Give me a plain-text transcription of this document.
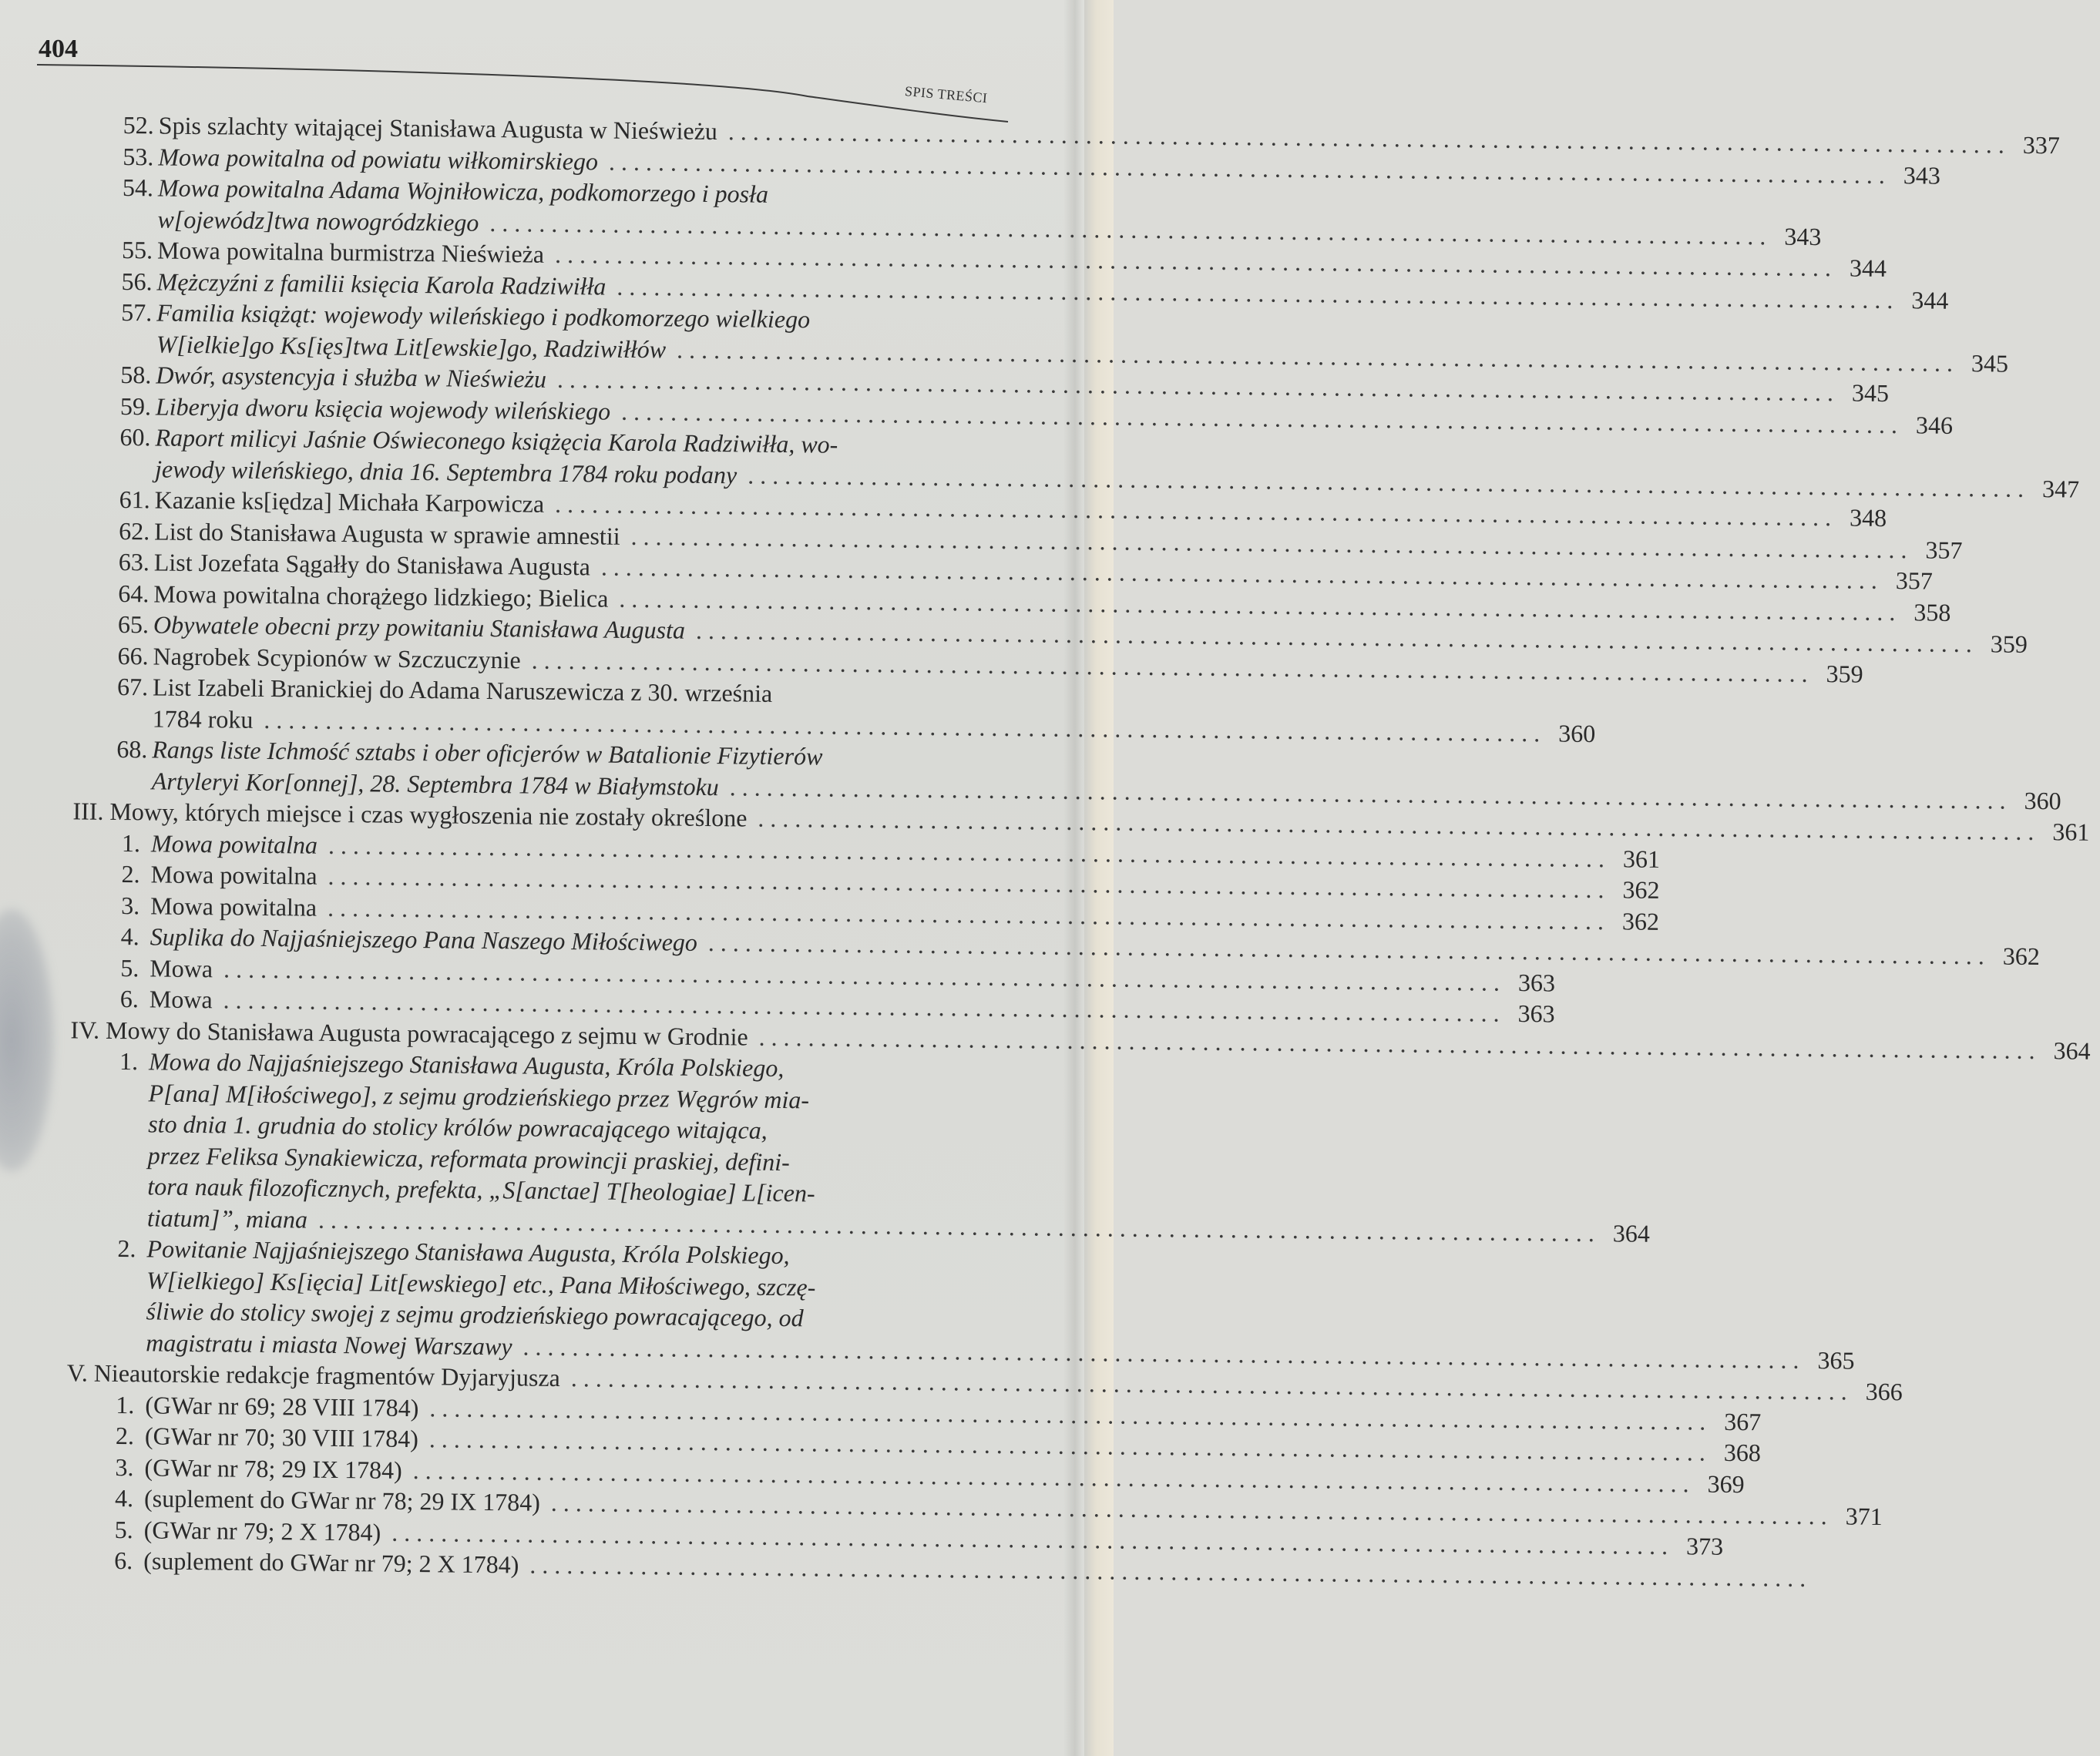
404
SPIS TREŚCI
52. Spis szlachty witającej Stanisława Augusta w Nieświeżu . . .	337
53. Mowa powitalna od powiatu wiłkomirskiego . . .	343
54. Mowa powitalna Adama Wojniłowicza, podkomorzego i posła
w[ojewódz]twa nowogródzkiego . . .	343
55. Mowa powitalna burmistrza Nieświeża . . .	344
56. Mężczyźni z familii księcia Karola Radziwiłła . . .	344
57. Familia książąt: wojewody wileńskiego i podkomorzego wielkiego
W[ielkie]go Ks[ięs]twa Lit[ewskie]go, Radziwiłłów . . .	345
58. Dwór, asystencyja i służba w Nieświeżu . . .	345
59. Liberyja dworu księcia wojewody wileńskiego . . .	346
60. Raport milicyi Jaśnie Oświeconego książęcia Karola Radziwiłła, wo-
jewody wileńskiego, dnia 16. Septembra 1784 roku podany . . .	347
61. Kazanie ks[iędza] Michała Karpowicza . . .	348
62. List do Stanisława Augusta w sprawie amnestii . . .	357
63. List Jozefata Sągałły do Stanisława Augusta . . .	357
64. Mowa powitalna chorążego lidzkiego; Bielica . . .	358
65. Obywatele obecni przy powitaniu Stanisława Augusta . . .	359
66. Nagrobek Scypionów w Szczuczynie . . .	359
67. List Izabeli Branickiej do Adama Naruszewicza z 30. września
1784 roku . . .	360
68. Rangs liste Ichmość sztabs i ober oficjerów w Batalionie Fizytierów
Artyleryi Kor[onnej], 28. Septembra 1784 w Białymstoku . . .	360
III. Mowy, których miejsce i czas wygłoszenia nie zostały określone . . .	361
1. Mowa powitalna . . .	361
2. Mowa powitalna . . .	362
3. Mowa powitalna . . .	362
4. Suplika do Najjaśniejszego Pana Naszego Miłościwego . . .	362
5. Mowa . . .	363
6. Mowa . . .	363
IV. Mowy do Stanisława Augusta powracającego z sejmu w Grodnie . . .	364
1. Mowa do Najjaśniejszego Stanisława Augusta, Króla Polskiego,
P[ana] M[iłościwego], z sejmu grodzieńskiego przez Węgrów mia-
sto dnia 1. grudnia do stolicy królów powracającego witająca,
przez Feliksa Synakiewicza, reformata prowincji praskiej, defini-
tora nauk filozoficznych, prefekta, „S[anctae] T[heologiae] L[icen-
tiatum]”, miana . . .	364
2. Powitanie Najjaśniejszego Stanisława Augusta, Króla Polskiego,
W[ielkiego] Ks[ięcia] Lit[ewskiego] etc., Pana Miłościwego, szczę-
śliwie do stolicy swojej z sejmu grodzieńskiego powracającego, od
magistratu i miasta Nowej Warszawy . . .	365
V. Nieautorskie redakcje fragmentów Dyjaryjusza . . .	366
1. (GWar nr 69; 28 VIII 1784) . . .	367
2. (GWar nr 70; 30 VIII 1784) . . .	368
3. (GWar nr 78; 29 IX 1784) . . .	369
4. (suplement do GWar nr 78; 29 IX 1784) . . .	371
5. (GWar nr 79; 2 X 1784) . . .	373
6. (suplement do GWar nr 79; 2 X 1784)
. . .
